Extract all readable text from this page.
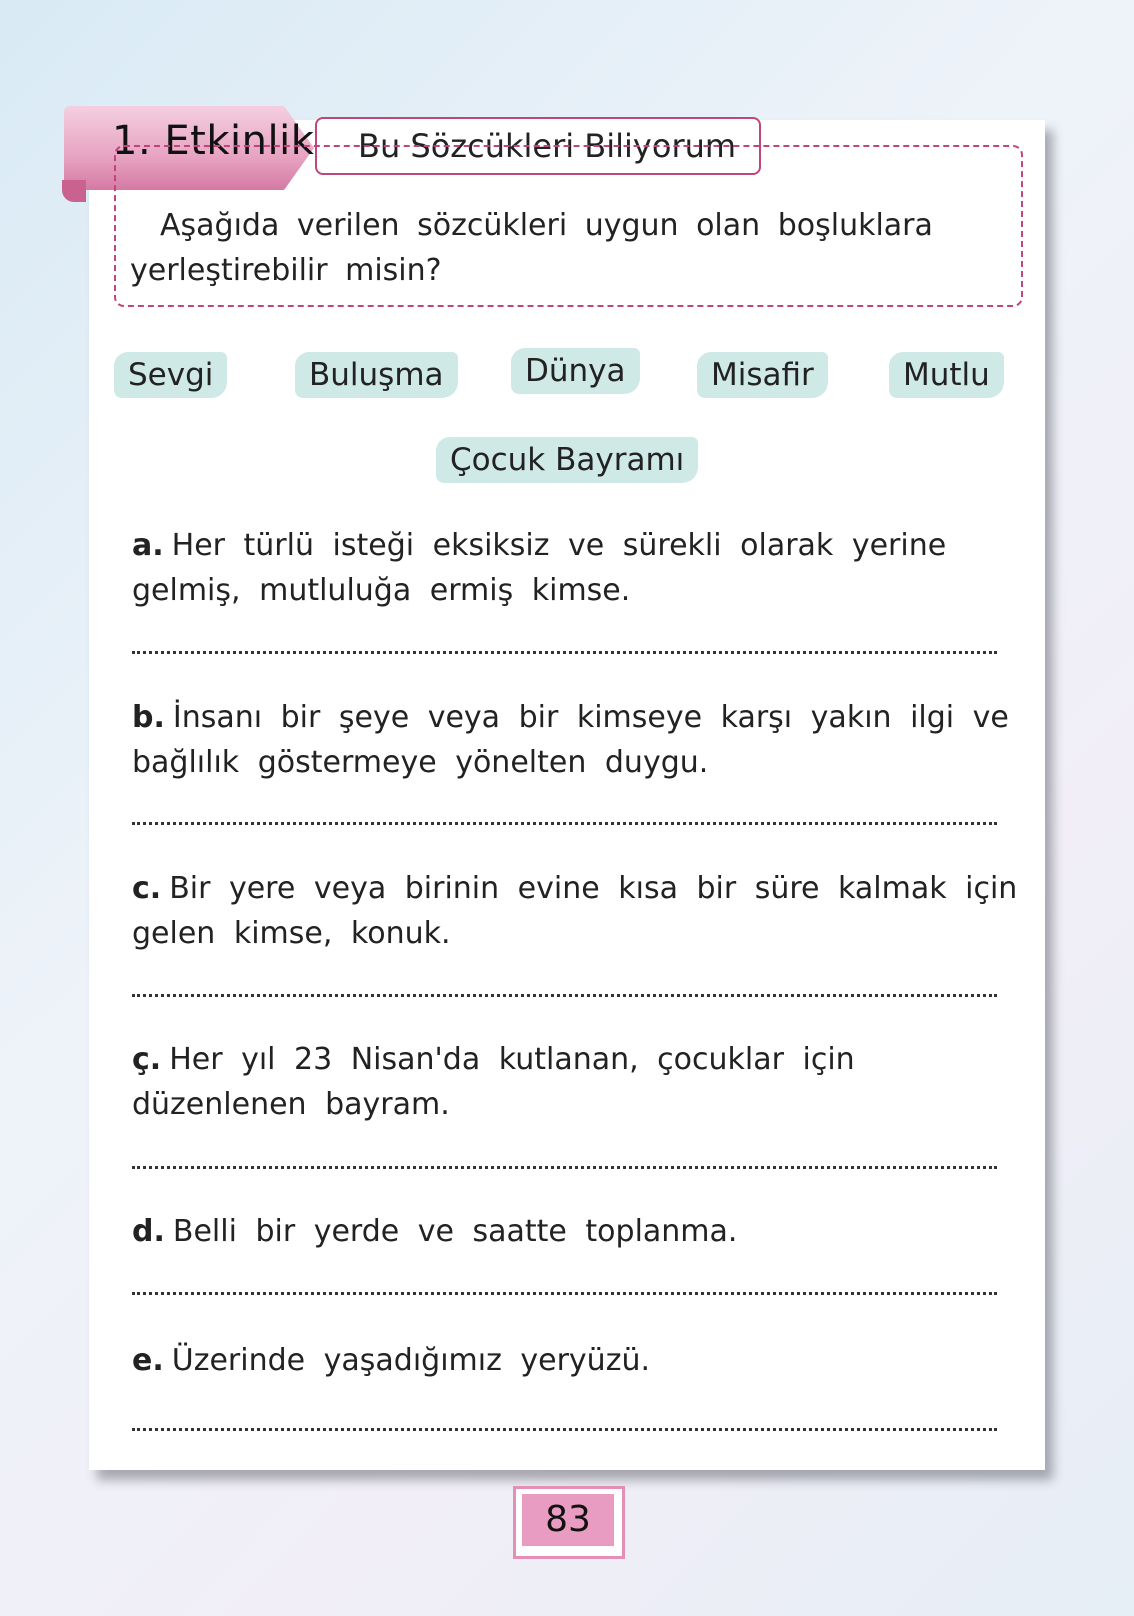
1. Etkinlik Bu Sözcükleri Biliyorum
Aşağıda verilen sözcükleri uygun olan boşluklara yerleştirebilir misin?
Sevgi	Buluşma	Dünya	Misafir	Mutlu
Çocuk Bayramı
a. Her türlü isteği eksiksiz ve sürekli olarak yerine gelmiş, mutluluğa ermiş kimse.
b. İnsanı bir şeye veya bir kimseye karşı yakın ilgi ve bağlılık göstermeye yönelten duygu.
c. Bir yere veya birinin evine kısa bir süre kalmak için gelen kimse, konuk.
ç. Her yıl 23 Nisan'da kutlanan, çocuklar için düzenlenen bayram.
d. Belli bir yerde ve saatte toplanma.
e. Üzerinde yaşadığımız yeryüzü.
83
